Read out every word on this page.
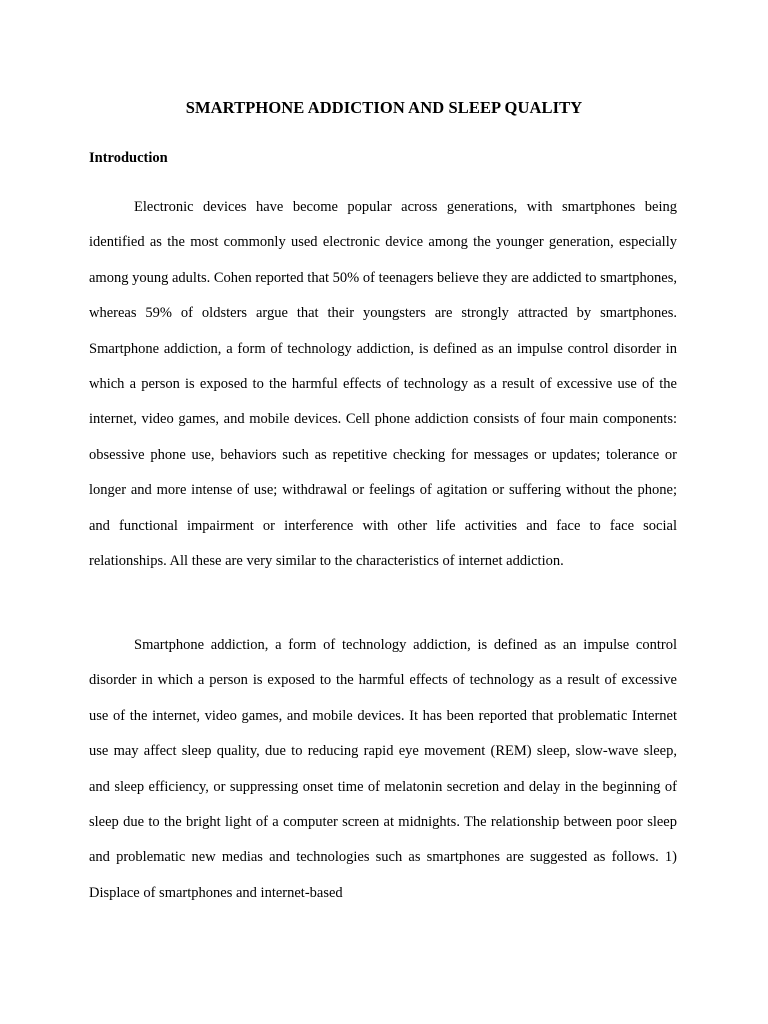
SMARTPHONE ADDICTION AND SLEEP QUALITY
Introduction

Electronic devices have become popular across generations, with smartphones being identified as the most commonly used electronic device among the younger generation, especially among young adults. Cohen reported that 50% of teenagers believe they are addicted to smartphones, whereas 59% of oldsters argue that their youngsters are strongly attracted by smartphones. Smartphone addiction, a form of technology addiction, is defined as an impulse control disorder in which a person is exposed to the harmful effects of technology as a result of excessive use of the internet, video games, and mobile devices. Cell phone addiction consists of four main components: obsessive phone use, behaviors such as repetitive checking for messages or updates; tolerance or longer and more intense of use; withdrawal or feelings of agitation or suffering without the phone; and functional impairment or interference with other life activities and face to face social relationships. All these are very similar to the characteristics of internet addiction.

Smartphone addiction, a form of technology addiction, is defined as an impulse control disorder in which a person is exposed to the harmful effects of technology as a result of excessive use of the internet, video games, and mobile devices. It has been reported that problematic Internet use may affect sleep quality, due to reducing rapid eye movement (REM) sleep, slow-wave sleep, and sleep efficiency, or suppressing onset time of melatonin secretion and delay in the beginning of sleep due to the bright light of a computer screen at midnights. The relationship between poor sleep and problematic new medias and technologies such as smartphones are suggested as follows. 1) Displace of smartphones and internet-based
